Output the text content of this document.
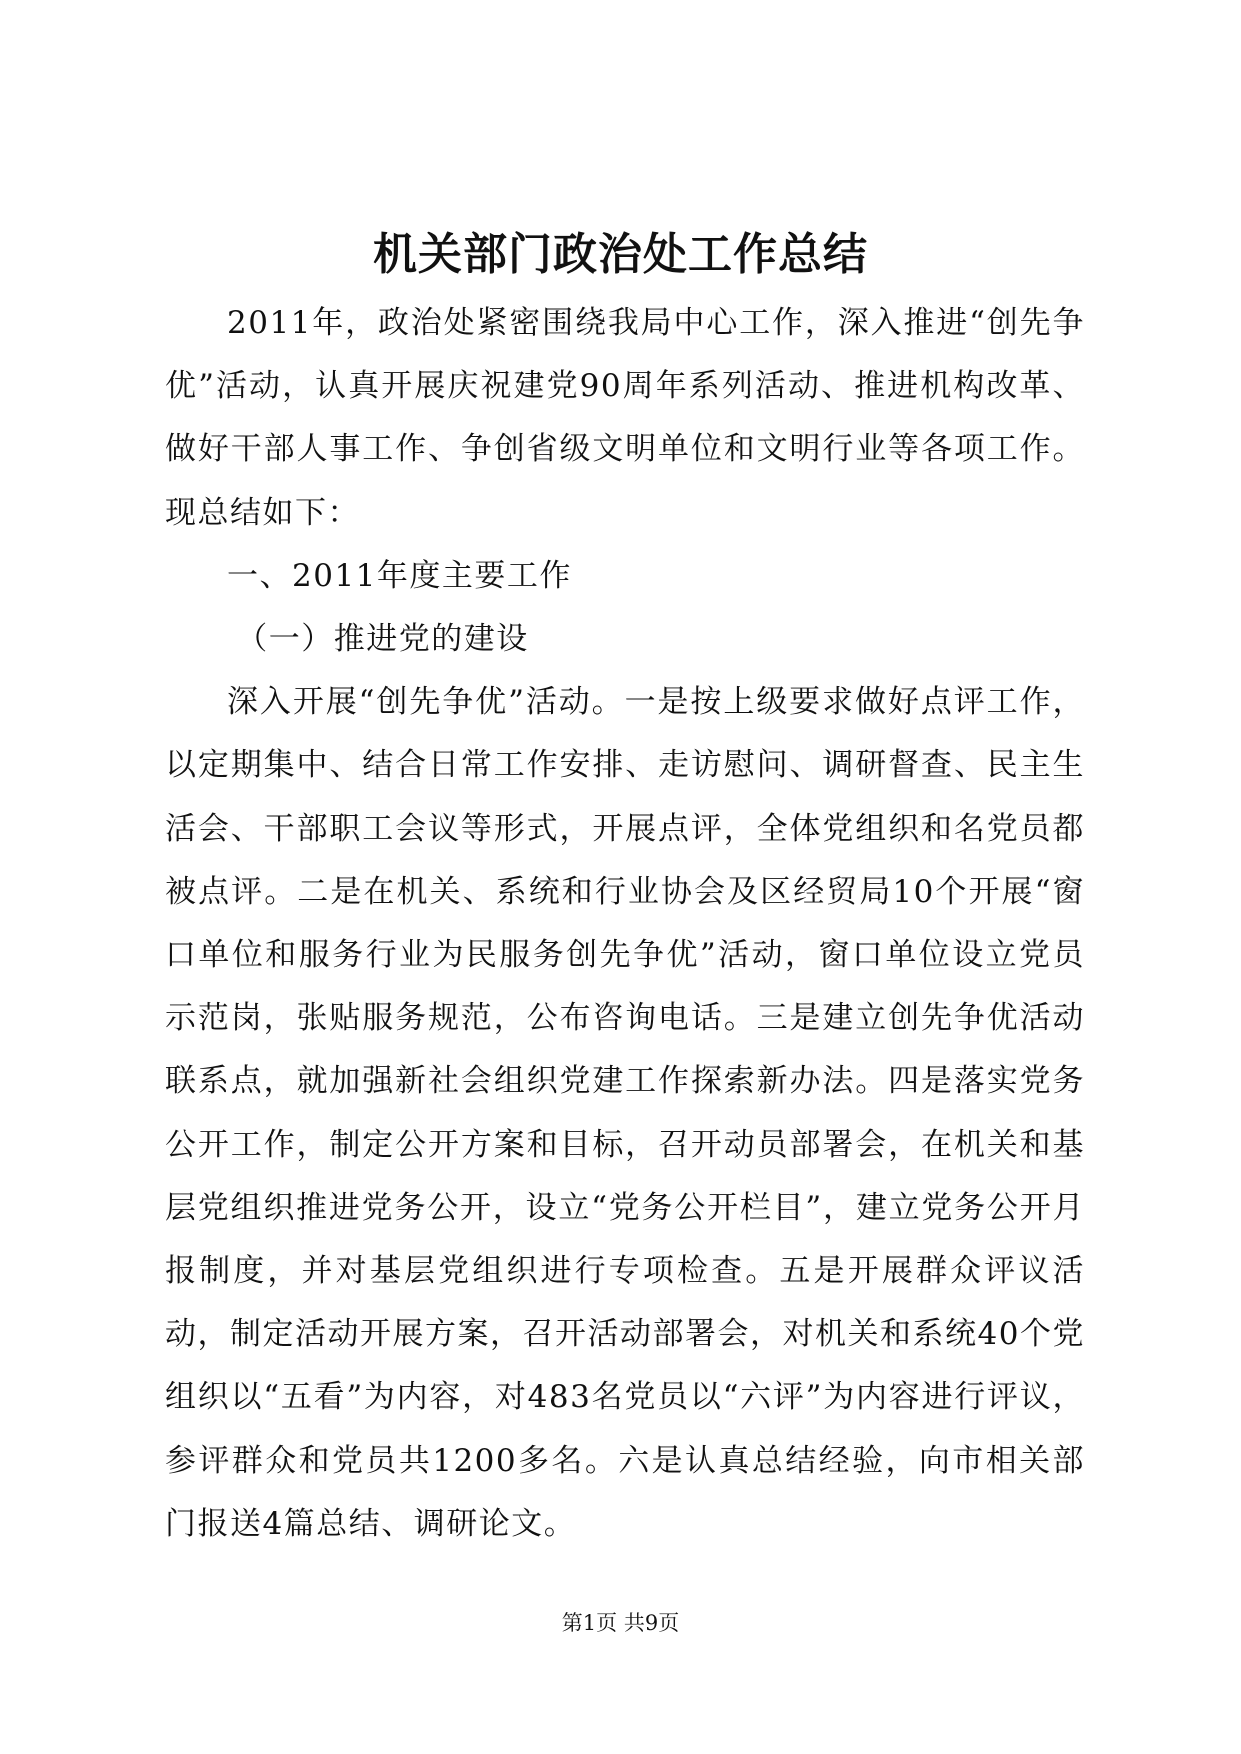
机关部门政治处工作总结

2011年，政治处紧密围绕我局中心工作，深入推进“创先争优”活动，认真开展庆祝建党90周年系列活动、推进机构改革、做好干部人事工作、争创省级文明单位和文明行业等各项工作。现总结如下：

一、2011年度主要工作

（一）推进党的建设

深入开展“创先争优”活动。一是按上级要求做好点评工作，以定期集中、结合日常工作安排、走访慰问、调研督查、民主生活会、干部职工会议等形式，开展点评，全体党组织和名党员都被点评。二是在机关、系统和行业协会及区经贸局10个开展“窗口单位和服务行业为民服务创先争优”活动，窗口单位设立党员示范岗，张贴服务规范，公布咨询电话。三是建立创先争优活动联系点，就加强新社会组织党建工作探索新办法。四是落实党务公开工作，制定公开方案和目标，召开动员部署会，在机关和基层党组织推进党务公开，设立“党务公开栏目”，建立党务公开月报制度，并对基层党组织进行专项检查。五是开展群众评议活动，制定活动开展方案，召开活动部署会，对机关和系统40个党组织以“五看”为内容，对483名党员以“六评”为内容进行评议，参评群众和党员共1200多名。六是认真总结经验，向市相关部门报送4篇总结、调研论文。

第1页 共9页
